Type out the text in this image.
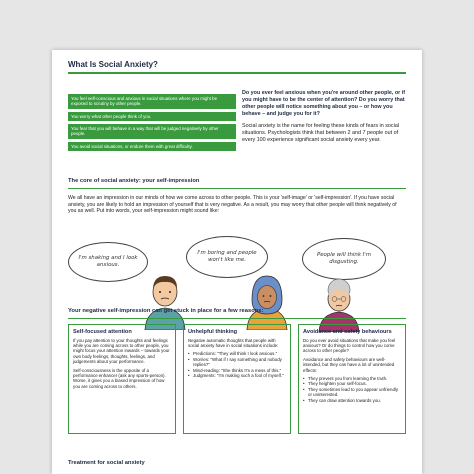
What Is Social Anxiety?
You feel self-conscious and anxious in social situations where you might be exposed to scrutiny by other people.
You worry what other people think of you.
You fear that you will behave in a way that will be judged negatively by other people.
You avoid social situations, or endure them with great difficulty.

Do you ever feel anxious when you're around other people, or if you might have to be the center of attention? Do you worry that other people will notice something about you – or how you behave – and judge you for it?

Social anxiety is the name for feeling these kinds of fears in social situations. Psychologists think that between 2 and 7 people out of every 100 experience significant social anxiety every year.

The core of social anxiety: your self-impression

We all have an impression in our minds of how we come across to other people. This is your 'self-image' or 'self-impression'. If you have social anxiety, you are likely to hold an impression of yourself that is very negative. As a result, you may worry that other people will think negatively of you as well. Put into words, your self-impression might sound like:

I'm shaking and I look anxious.
I'm boring and people won't like me.
People will think I'm disgusting.
Your negative self-impression can get stuck in place for a few reasons:
Self-focused attention

If you pay attention to your thoughts and feelings while you are coming across to other people, you might focus your attention inwards – towards your own body feelings, thoughts, feelings, and judgements about your performance.

Self-consciousness is the opposite of a performance enhancer (ask any sports-person). Worse, it gives you a biased impression of how you are coming across to others.

Unhelpful thinking

Negative automatic thoughts that people with social anxiety have in social situations include:

• Predictions: "They will think I look anxious."
• Worries: "What if I say something and nobody replies?"
• Mind-reading: "She thinks I'm a mess of this."
• Judgments: "I'm making such a fool of myself."
Avoidance and safety behaviours

Do you ever avoid situations that make you feel anxious? Or do things to control how you come across to other people?

Avoidance and safety behaviours are well-intended, but they can have a lot of unintended effects:

• They prevent you from learning the truth.
• They heighten your self-focus.
• They sometimes lead to you appear unfriendly or uninterested.
• They can draw attention towards you.
Treatment for social anxiety
